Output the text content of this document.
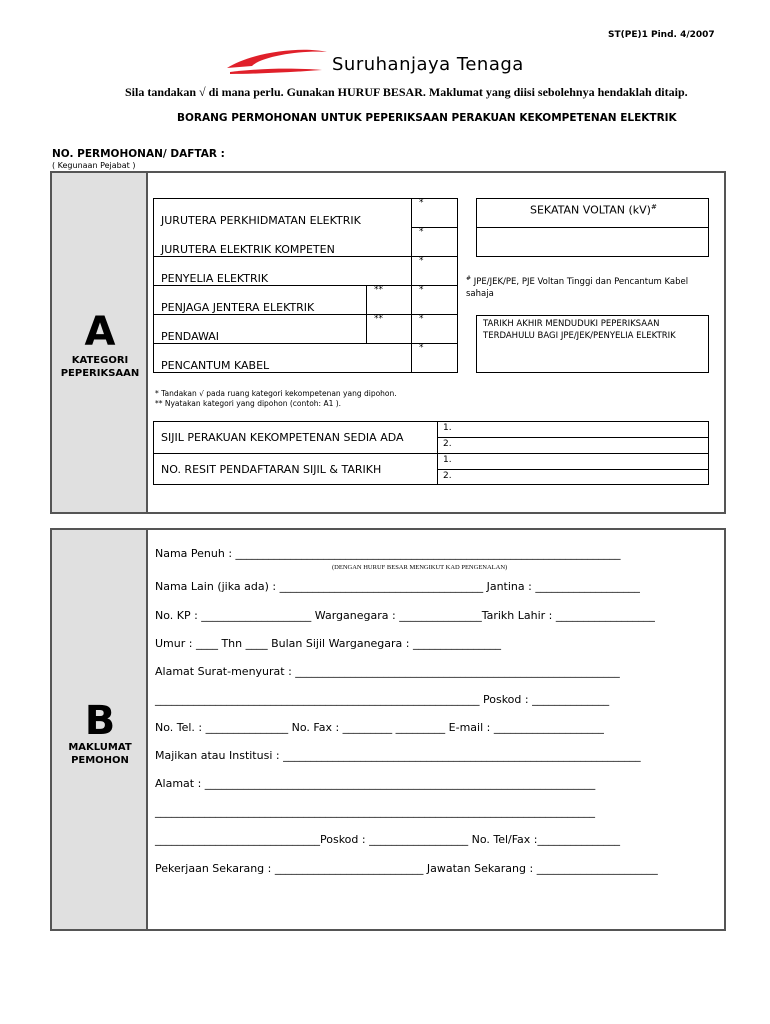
ST(PE)1 Pind. 4/2007
Suruhanjaya Tenaga
Sila tandakan √ di mana perlu. Gunakan HURUF BESAR. Maklumat yang diisi sebolehnya hendaklah ditaip.
BORANG PERMOHONAN UNTUK PEPERIKSAAN PERAKUAN KEKOMPETENAN ELEKTRIK
NO. PERMOHONAN/ DAFTAR :
( Kegunaan Pejabat )
A
KATEGORI PEPERIKSAAN
JURUTERA PERKHIDMATAN ELEKTRIK
JURUTERA ELEKTRIK KOMPETEN
PENYELIA ELEKTRIK
PENJAGA JENTERA ELEKTRIK
PENDAWAI
PENCANTUM KABEL
*
*
*
*
*
*
**
**
SEKATAN VOLTAN (kV)#
# JPE/JEK/PE, PJE Voltan Tinggi dan Pencantum Kabel sahaja
TARIKH AKHIR MENDUDUKI PEPERIKSAAN TERDAHULU BAGI JPE/JEK/PENYELIA ELEKTRIK
* Tandakan √ pada ruang kategori kekompetenan yang dipohon.
** Nyatakan kategori yang dipohon (contoh: A1 ).
SIJIL PERAKUAN KEKOMPETENAN SEDIA ADA
NO. RESIT PENDAFTARAN SIJIL & TARIKH
1.
2.
1.
2.
B
MAKLUMAT PEMOHON
Nama Penuh : ______________________________________________________________________
(DENGAN HURUF BESAR MENGIKUT KAD PENGENALAN)
Nama Lain (jika ada) : _____________________________________ Jantina : ___________________
No. KP : ____________________ Warganegara : _______________Tarikh Lahir : __________________
Umur : ____ Thn ____ Bulan Sijil Warganegara : ________________
Alamat Surat-menyurat : ___________________________________________________________
___________________________________________________________ Poskod : ______________
No. Tel. : _______________ No. Fax : _________ _________ E-mail : ____________________
Majikan atau Institusi : _________________________________________________________________
Alamat : _______________________________________________________________________
________________________________________________________________________________
______________________________Poskod : __________________ No. Tel/Fax :_______________
Pekerjaan Sekarang : ___________________________ Jawatan Sekarang : ______________________
